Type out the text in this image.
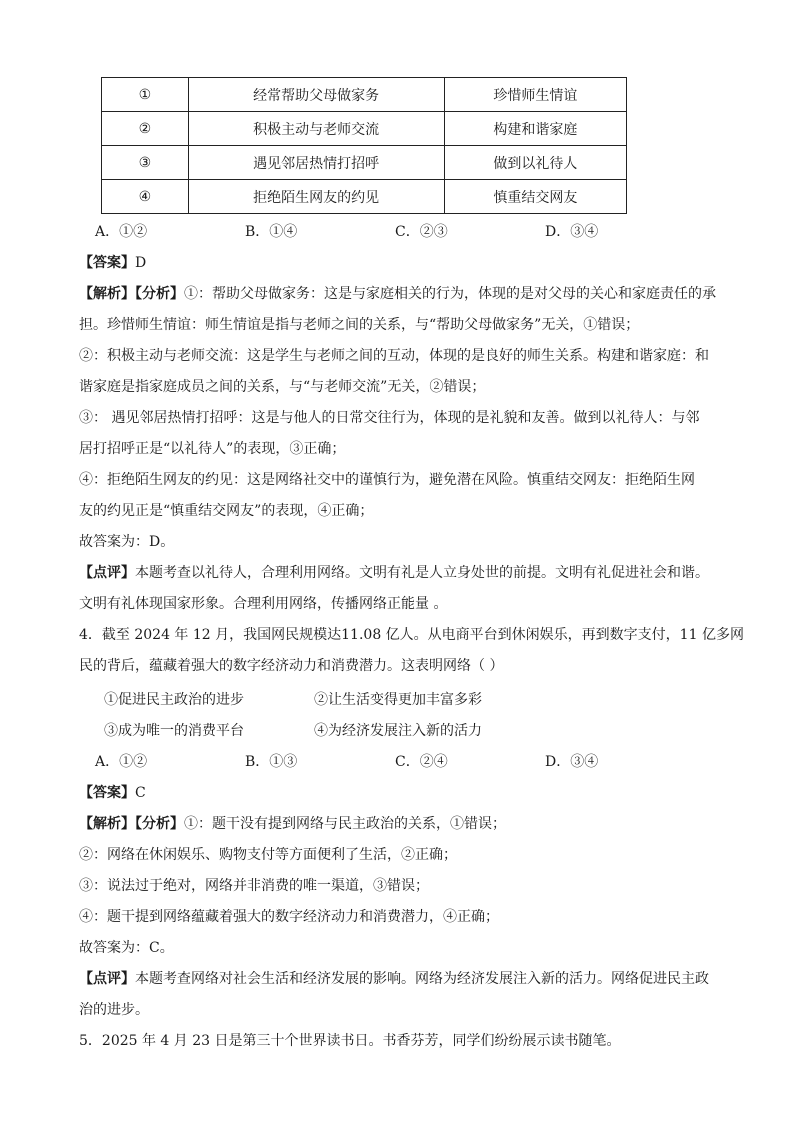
①	经常帮助父母做家务	珍惜师生情谊
②	积极主动与老师交流	构建和谐家庭
③	遇见邻居热情打招呼	做到以礼待人
④	拒绝陌生网友的约见	慎重结交网友
A．①②	B．①④	C．②③	D．③④
【答案】D
【解析】【分析】①：帮助父母做家务：这是与家庭相关的行为，体现的是对父母的关心和家庭责任的承
担。珍惜师生情谊：师生情谊是指与老师之间的关系，与“帮助父母做家务”无关，①错误；
②：积极主动与老师交流：这是学生与老师之间的互动，体现的是良好的师生关系。构建和谐家庭：和
谐家庭是指家庭成员之间的关系，与“与老师交流”无关，②错误；
③： 遇见邻居热情打招呼：这是与他人的日常交往行为，体现的是礼貌和友善。做到以礼待人：与邻
居打招呼正是“以礼待人”的表现，③正确；
④：拒绝陌生网友的约见：这是网络社交中的谨慎行为，避免潜在风险。慎重结交网友：拒绝陌生网
友的约见正是“慎重结交网友”的表现，④正确；
故答案为：D。
【点评】本题考查以礼待人，合理利用网络。文明有礼是人立身处世的前提。文明有礼促进社会和谐。
文明有礼体现国家形象。合理利用网络，传播网络正能量 。
4．截至 2024 年 12 月，我国网民规模达11.08 亿人。从电商平台到休闲娱乐，再到数字支付，11 亿多网
民的背后，蕴藏着强大的数字经济动力和消费潜力。这表明网络（ ）
①促进民主政治的进步	②让生活变得更加丰富多彩
③成为唯一的消费平台	④为经济发展注入新的活力
A．①②	B．①③	C．②④	D．③④
【答案】C
【解析】【分析】①：题干没有提到网络与民主政治的关系，①错误；
②：网络在休闲娱乐、购物支付等方面便利了生活，②正确；
③：说法过于绝对，网络并非消费的唯一渠道，③错误；
④：题干提到网络蕴藏着强大的数字经济动力和消费潜力，④正确；
故答案为：C。
【点评】本题考查网络对社会生活和经济发展的影响。网络为经济发展注入新的活力。网络促进民主政
治的进步。
5．2025 年 4 月 23 日是第三十个世界读书日。书香芬芳，同学们纷纷展示读书随笔。
